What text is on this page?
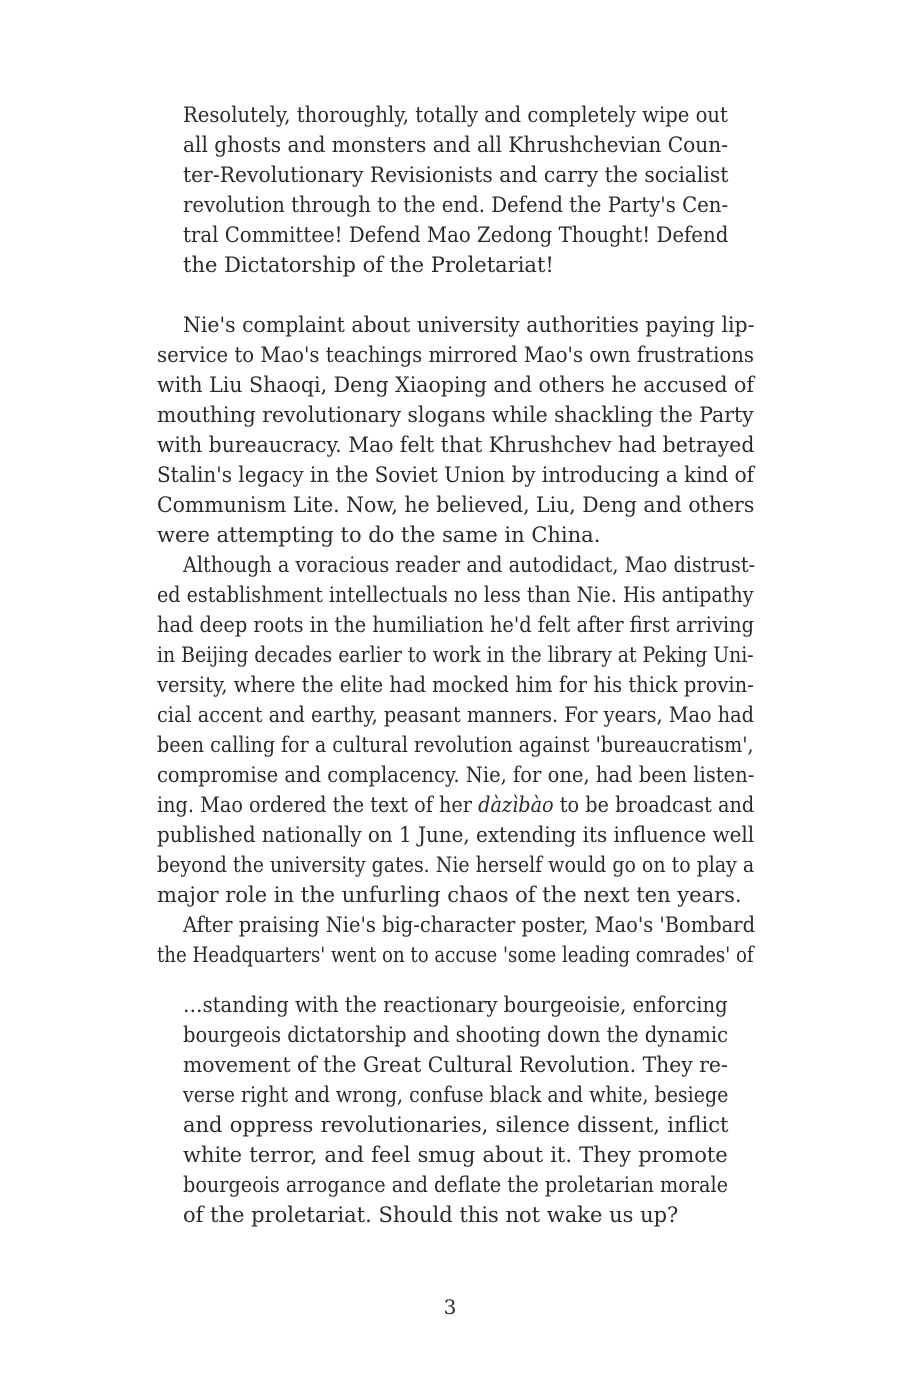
Resolutely, thoroughly, totally and completely wipe out
all ghosts and monsters and all Khrushchevian Coun-
ter-Revolutionary Revisionists and carry the socialist
revolution through to the end. Defend the Party's Cen-
tral Committee! Defend Mao Zedong Thought! Defend
the Dictatorship of the Proletariat!
Nie's complaint about university authorities paying lip-
service to Mao's teachings mirrored Mao's own frustrations
with Liu Shaoqi, Deng Xiaoping and others he accused of
mouthing revolutionary slogans while shackling the Party
with bureaucracy. Mao felt that Khrushchev had betrayed
Stalin's legacy in the Soviet Union by introducing a kind of
Communism Lite. Now, he believed, Liu, Deng and others
were attempting to do the same in China.
Although a voracious reader and autodidact, Mao distrust-
ed establishment intellectuals no less than Nie. His antipathy
had deep roots in the humiliation he'd felt after first arriving
in Beijing decades earlier to work in the library at Peking Uni-
versity, where the elite had mocked him for his thick provin-
cial accent and earthy, peasant manners. For years, Mao had
been calling for a cultural revolution against 'bureaucratism',
compromise and complacency. Nie, for one, had been listen-
ing. Mao ordered the text of her dàzìbào to be broadcast and
published nationally on 1 June, extending its influence well
beyond the university gates. Nie herself would go on to play a
major role in the unfurling chaos of the next ten years.
After praising Nie's big-character poster, Mao's 'Bombard
the Headquarters' went on to accuse 'some leading comrades' of
…standing with the reactionary bourgeoisie, enforcing
bourgeois dictatorship and shooting down the dynamic
movement of the Great Cultural Revolution. They re-
verse right and wrong, confuse black and white, besiege
and oppress revolutionaries, silence dissent, inflict
white terror, and feel smug about it. They promote
bourgeois arrogance and deflate the proletarian morale
of the proletariat. Should this not wake us up?
3
